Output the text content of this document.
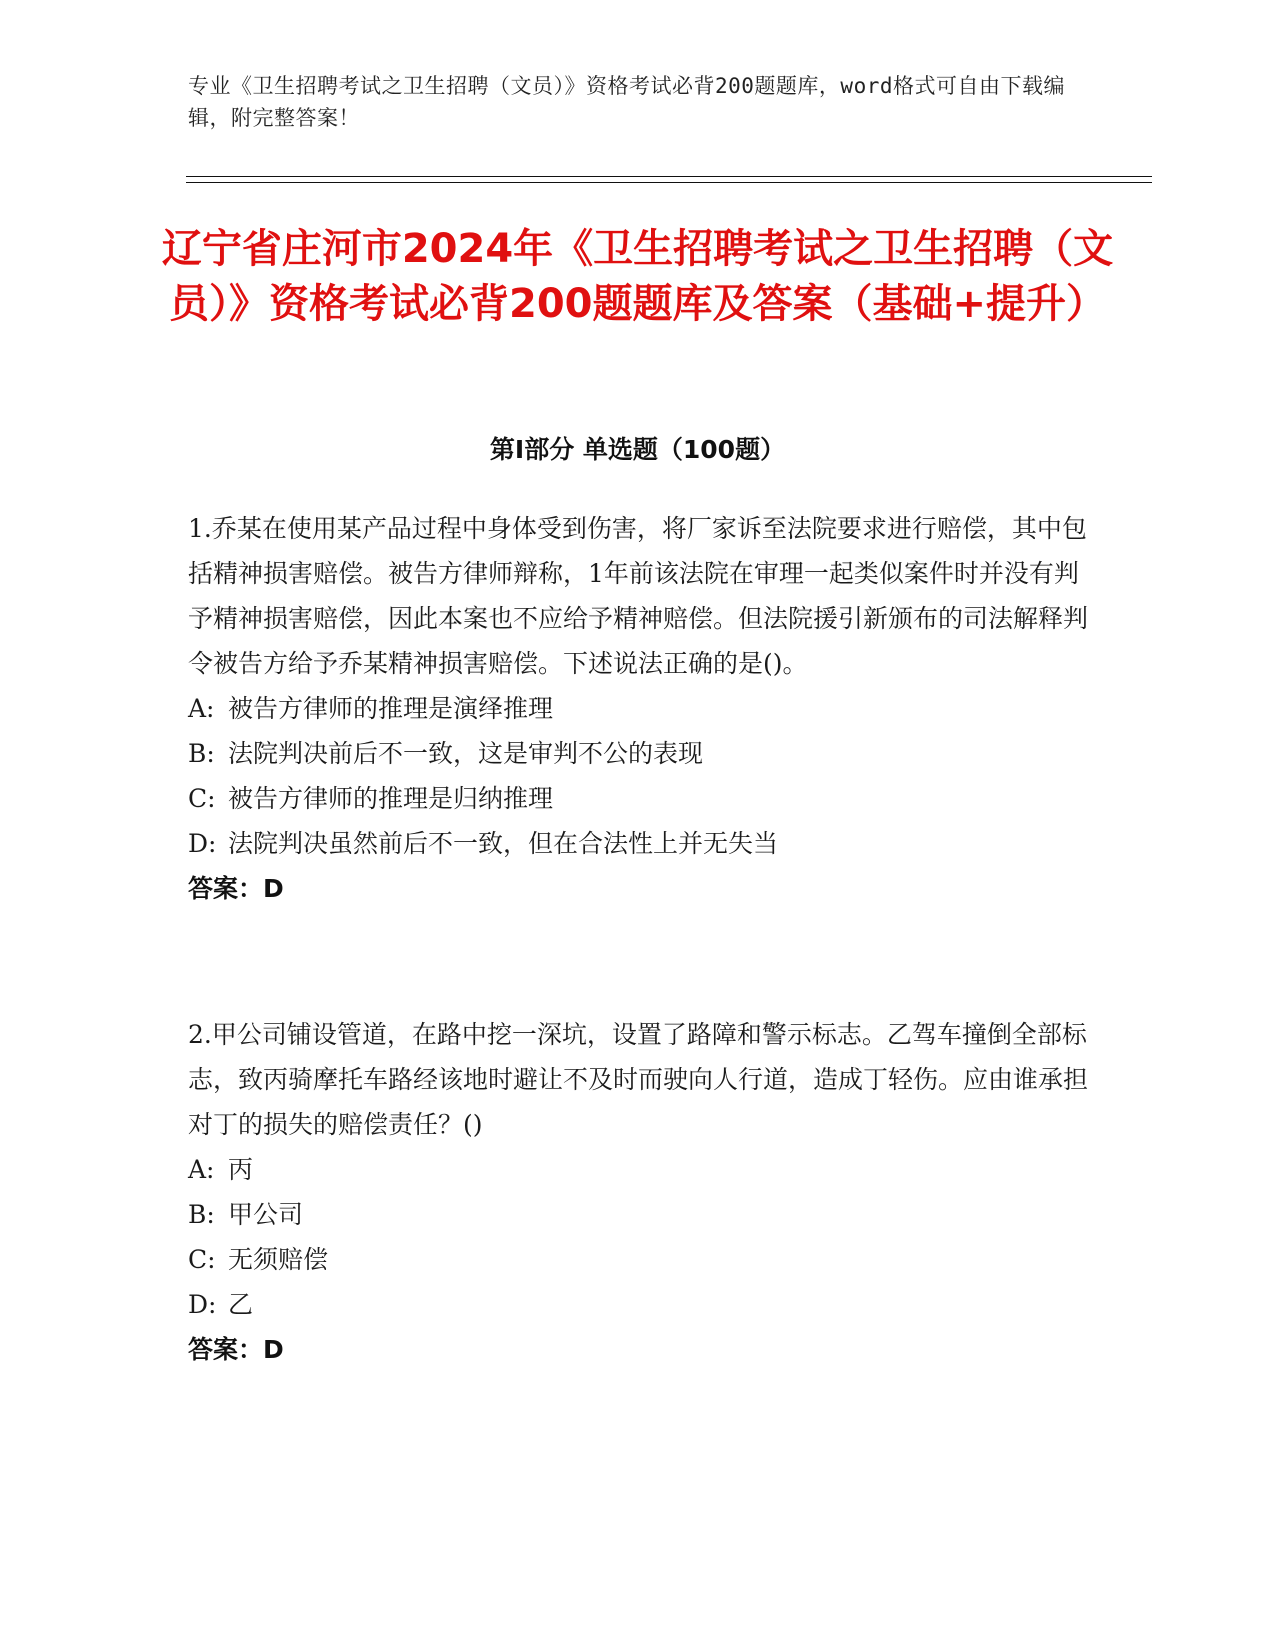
专业《卫生招聘考试之卫生招聘（文员）》资格考试必背200题题库，word格式可自由下载编辑，附完整答案！
辽宁省庄河市2024年《卫生招聘考试之卫生招聘（文员）》资格考试必背200题题库及答案（基础+提升）
第I部分 单选题（100题）

1.乔某在使用某产品过程中身体受到伤害，将厂家诉至法院要求进行赔偿，其中包括精神损害赔偿。被告方律师辩称，1年前该法院在审理一起类似案件时并没有判予精神损害赔偿，因此本案也不应给予精神赔偿。但法院援引新颁布的司法解释判令被告方给予乔某精神损害赔偿。下述说法正确的是()。

A: 被告方律师的推理是演绎推理

B: 法院判决前后不一致，这是审判不公的表现

C: 被告方律师的推理是归纳推理

D: 法院判决虽然前后不一致，但在合法性上并无失当

答案：D

2.甲公司铺设管道，在路中挖一深坑，设置了路障和警示标志。乙驾车撞倒全部标志，致丙骑摩托车路经该地时避让不及时而驶向人行道，造成丁轻伤。应由谁承担对丁的损失的赔偿责任？()

A: 丙

B: 甲公司

C: 无须赔偿

D: 乙

答案：D
